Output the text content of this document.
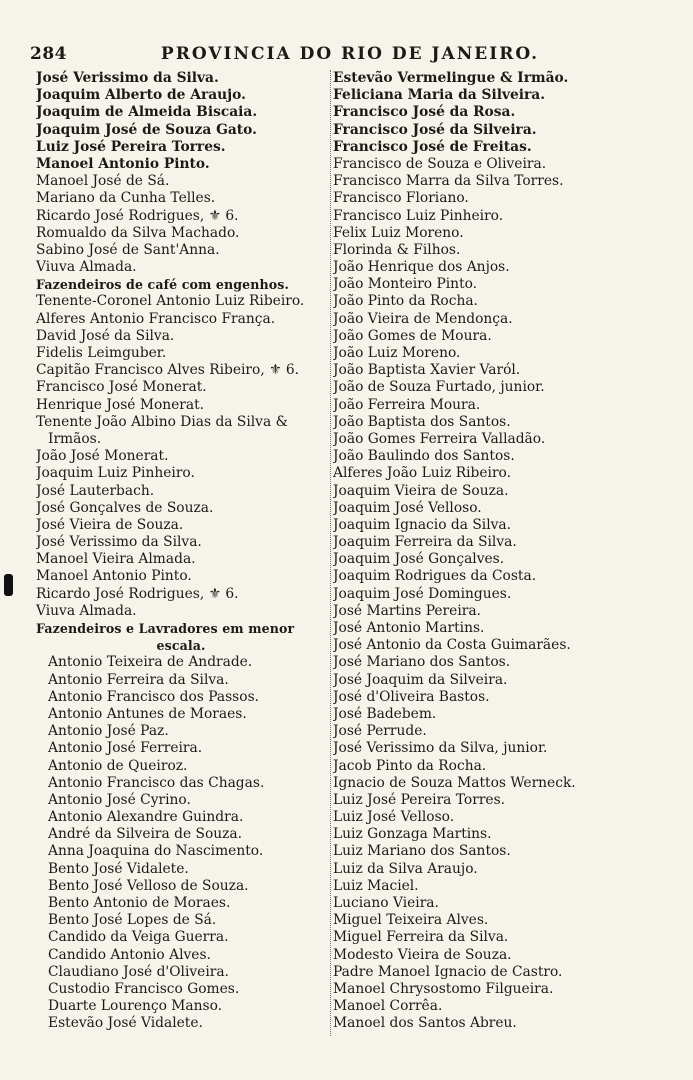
284	PROVINCIA DO RIO DE JANEIRO.
José Verissimo da Silva.
Joaquim Alberto de Araujo.
Joaquim de Almeida Biscaia.
Joaquim José de Souza Gato.
Luiz José Pereira Torres.
Manoel Antonio Pinto.
Manoel José de Sá.
Mariano da Cunha Telles.
Ricardo José Rodrigues, ⚜ 6.
Romualdo da Silva Machado.
Sabino José de Sant'Anna.
Viuva Almada.
Fazendeiros de café com engenhos.
Tenente-Coronel Antonio Luiz Ribeiro.
Alferes Antonio Francisco França.
David José da Silva.
Fidelis Leimguber.
Capitão Francisco Alves Ribeiro, ⚜ 6.
Francisco José Monerat.
Henrique José Monerat.
Tenente João Albino Dias da Silva &
Irmãos.
João José Monerat.
Joaquim Luiz Pinheiro.
José Lauterbach.
José Gonçalves de Souza.
José Vieira de Souza.
José Verissimo da Silva.
Manoel Vieira Almada.
Manoel Antonio Pinto.
Ricardo José Rodrigues, ⚜ 6.
Viuva Almada.
Fazendeiros e Lavradores em menor
escala.
Antonio Teixeira de Andrade.
Antonio Ferreira da Silva.
Antonio Francisco dos Passos.
Antonio Antunes de Moraes.
Antonio José Paz.
Antonio José Ferreira.
Antonio de Queiroz.
Antonio Francisco das Chagas.
Antonio José Cyrino.
Antonio Alexandre Guindra.
André da Silveira de Souza.
Anna Joaquina do Nascimento.
Bento José Vidalete.
Bento José Velloso de Souza.
Bento Antonio de Moraes.
Bento José Lopes de Sá.
Candido da Veiga Guerra.
Candido Antonio Alves.
Claudiano José d'Oliveira.
Custodio Francisco Gomes.
Duarte Lourenço Manso.
Estevão José Vidalete.
Estevão Vermelingue & Irmão.
Feliciana Maria da Silveira.
Francisco José da Rosa.
Francisco José da Silveira.
Francisco José de Freitas.
Francisco de Souza e Oliveira.
Francisco Marra da Silva Torres.
Francisco Floriano.
Francisco Luiz Pinheiro.
Felix Luiz Moreno.
Florinda & Filhos.
João Henrique dos Anjos.
João Monteiro Pinto.
João Pinto da Rocha.
João Vieira de Mendonça.
João Gomes de Moura.
João Luiz Moreno.
João Baptista Xavier Varól.
João de Souza Furtado, junior.
João Ferreira Moura.
João Baptista dos Santos.
João Gomes Ferreira Valladão.
João Baulindo dos Santos.
Alferes João Luiz Ribeiro.
Joaquim Vieira de Souza.
Joaquim José Velloso.
Joaquim Ignacio da Silva.
Joaquim Ferreira da Silva.
Joaquim José Gonçalves.
Joaquim Rodrigues da Costa.
Joaquim José Domingues.
José Martins Pereira.
José Antonio Martins.
José Antonio da Costa Guimarães.
José Mariano dos Santos.
José Joaquim da Silveira.
José d'Oliveira Bastos.
José Badebem.
José Perrude.
José Verissimo da Silva, junior.
Jacob Pinto da Rocha.
Ignacio de Souza Mattos Werneck.
Luiz José Pereira Torres.
Luiz José Velloso.
Luiz Gonzaga Martins.
Luiz Mariano dos Santos.
Luiz da Silva Araujo.
Luiz Maciel.
Luciano Vieira.
Miguel Teixeira Alves.
Miguel Ferreira da Silva.
Modesto Vieira de Souza.
Padre Manoel Ignacio de Castro.
Manoel Chrysostomo Filgueira.
Manoel Corrêa.
Manoel dos Santos Abreu.
